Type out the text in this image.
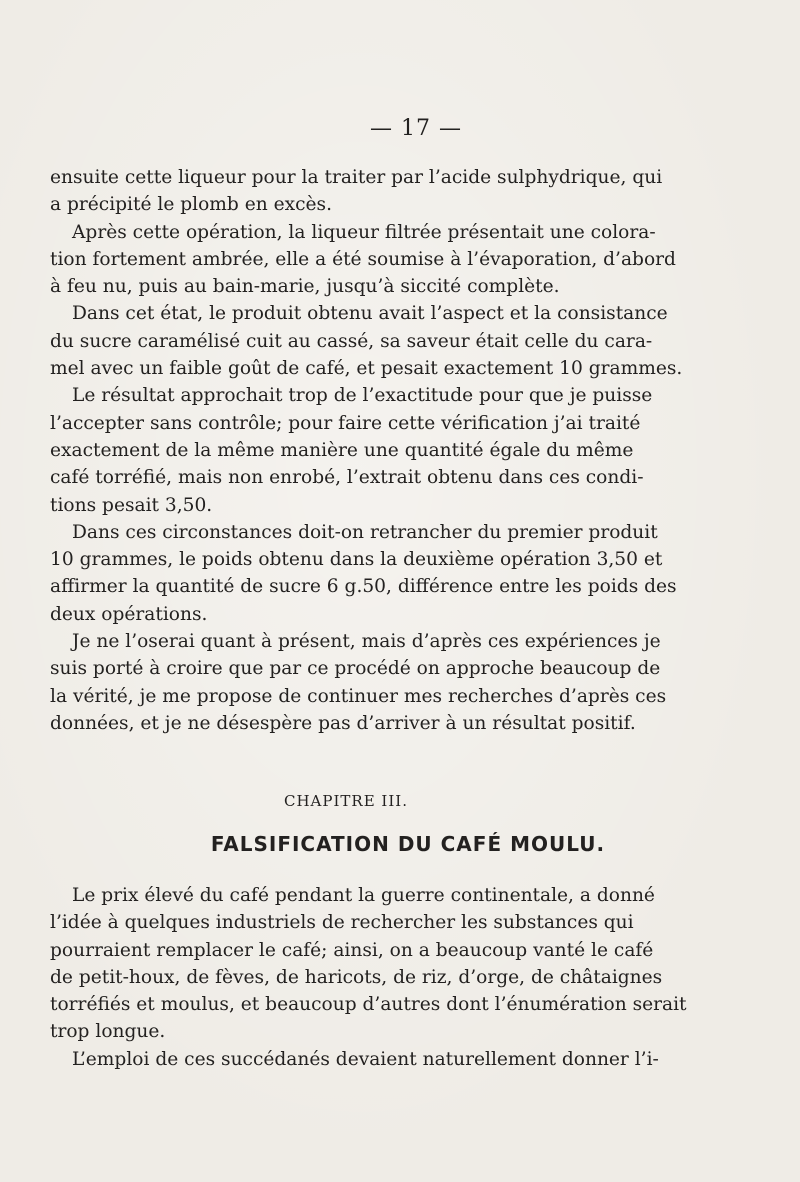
— 17 —
ensuite cette liqueur pour la traiter par l’acide sulphydrique, qui
a précipité le plomb en excès.
Après cette opération, la liqueur filtrée présentait une colora-
tion fortement ambrée, elle a été soumise à l’évaporation, d’abord
à feu nu, puis au bain-marie, jusqu’à siccité complète.
Dans cet état, le produit obtenu avait l’aspect et la consistance
du sucre caramélisé cuit au cassé, sa saveur était celle du cara-
mel avec un faible goût de café, et pesait exactement 10 grammes.
Le résultat approchait trop de l’exactitude pour que je puisse
l’accepter sans contrôle; pour faire cette vérification j’ai traité
exactement de la même manière une quantité égale du même
café torréfié, mais non enrobé, l’extrait obtenu dans ces condi-
tions pesait 3,50.
Dans ces circonstances doit-on retrancher du premier produit
10 grammes, le poids obtenu dans la deuxième opération 3,50 et
affirmer la quantité de sucre 6 g.50, différence entre les poids des
deux opérations.
Je ne l’oserai quant à présent, mais d’après ces expériences je
suis porté à croire que par ce procédé on approche beaucoup de
la vérité, je me propose de continuer mes recherches d’après ces
données, et je ne désespère pas d’arriver à un résultat positif.
CHAPITRE III.
FALSIFICATION DU CAFÉ MOULU.
Le prix élevé du café pendant la guerre continentale, a donné
l’idée à quelques industriels de rechercher les substances qui
pourraient remplacer le café; ainsi, on a beaucoup vanté le café
de petit-houx, de fèves, de haricots, de riz, d’orge, de châtaignes
torréfiés et moulus, et beaucoup d’autres dont l’énumération serait
trop longue.
L’emploi de ces succédanés devaient naturellement donner l’i-
